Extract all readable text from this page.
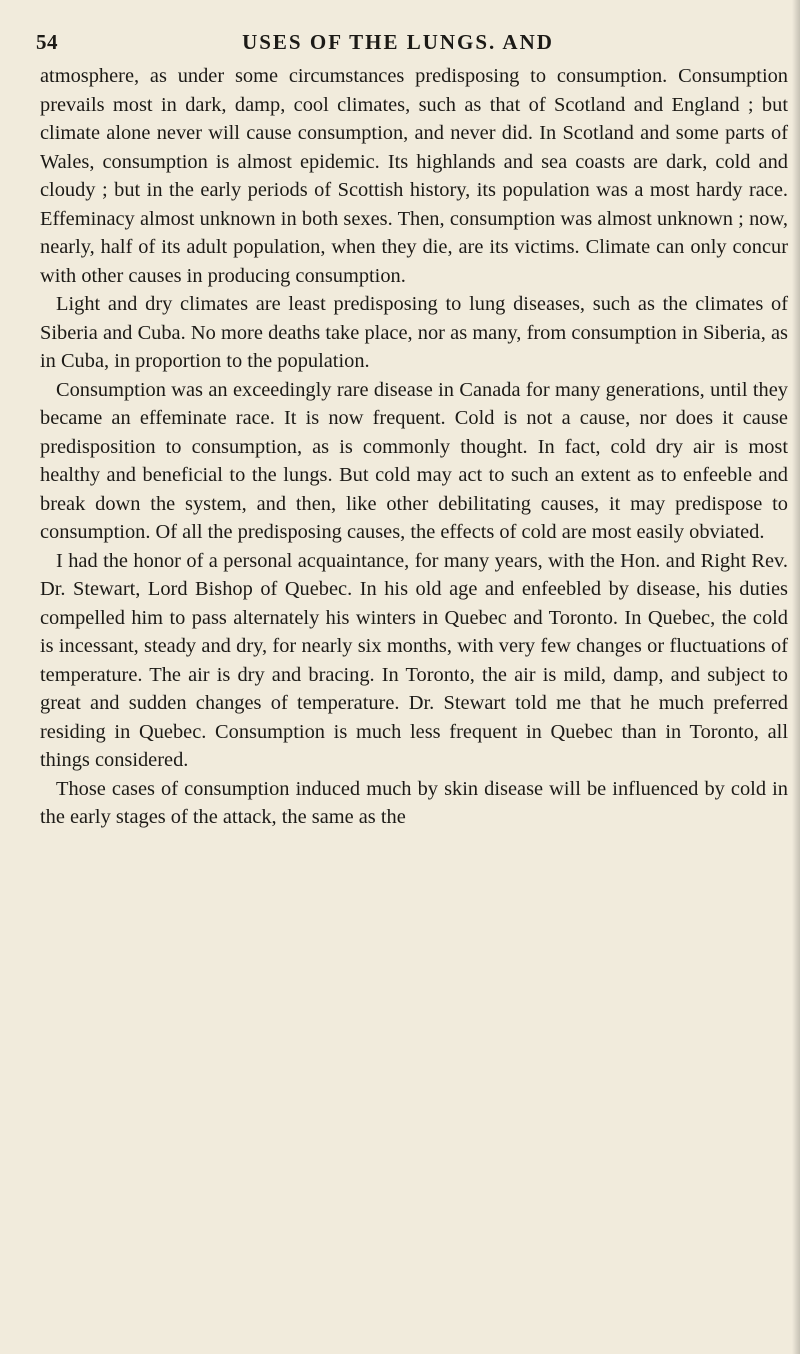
54	USES OF THE LUNGS. AND

atmosphere, as under some circumstances predisposing to consumption. Consumption prevails most in dark, damp, cool climates, such as that of Scotland and England ; but climate alone never will cause consumption, and never did. In Scotland and some parts of Wales, consumption is almost epidemic. Its highlands and sea coasts are dark, cold and cloudy ; but in the early periods of Scottish history, its population was a most hardy race. Effeminacy almost unknown in both sexes. Then, consumption was almost unknown ; now, nearly, half of its adult population, when they die, are its victims. Climate can only concur with other causes in producing consumption.

Light and dry climates are least predisposing to lung diseases, such as the climates of Siberia and Cuba. No more deaths take place, nor as many, from consumption in Siberia, as in Cuba, in proportion to the population.

Consumption was an exceedingly rare disease in Canada for many generations, until they became an effeminate race. It is now frequent. Cold is not a cause, nor does it cause predisposition to consumption, as is commonly thought. In fact, cold dry air is most healthy and beneficial to the lungs. But cold may act to such an extent as to enfeeble and break down the system, and then, like other debilitating causes, it may predispose to consumption. Of all the predisposing causes, the effects of cold are most easily obviated.

I had the honor of a personal acquaintance, for many years, with the Hon. and Right Rev. Dr. Stewart, Lord Bishop of Quebec. In his old age and enfeebled by disease, his duties compelled him to pass alternately his winters in Quebec and Toronto. In Quebec, the cold is incessant, steady and dry, for nearly six months, with very few changes or fluctuations of temperature. The air is dry and bracing. In Toronto, the air is mild, damp, and subject to great and sudden changes of temperature. Dr. Stewart told me that he much preferred residing in Quebec. Consumption is much less frequent in Quebec than in Toronto, all things considered.

Those cases of consumption induced much by skin disease will be influenced by cold in the early stages of the attack, the same as the
